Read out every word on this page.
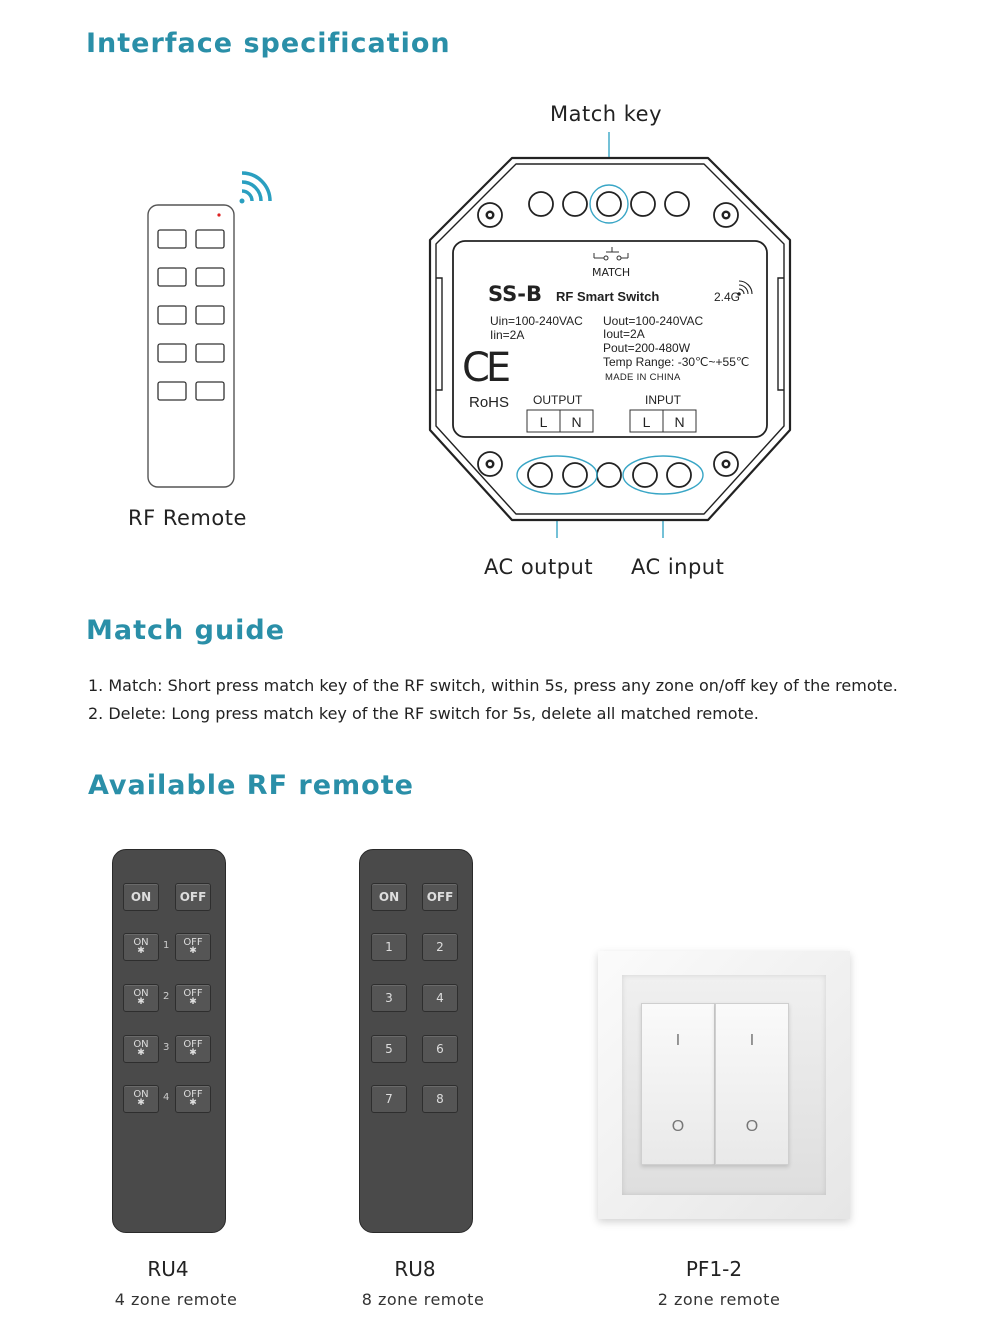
Interface specification
Match key
RF Remote
MATCH
SS-B RF Smart Switch	2.4G
Uin=100-240VAC
Iin=2A
Uout=100-240VAC
Iout=2A
Pout=200-480W
Temp Range: -30℃~+55℃
MADE IN CHINA
CE
RoHS OUTPUT	INPUT
L	N	L	N
AC output AC input
Match guide
1. Match: Short press match key of the RF switch, within 5s, press any zone on/off key of the remote.
2. Delete: Long press match key of the RF switch for 5s, delete all matched remote.
Available RF remote
ON	OFF
ON
✱	1	OFF
✱
ON
✱	2	OFF
✱
ON
✱	3	OFF
✱
ON
✱	4	OFF
✱
RU4
4 zone remote
ON	OFF
1	2
3	4
5	6
7	8
RU8
8 zone remote
I
O
I
O
PF1-2
2 zone remote
